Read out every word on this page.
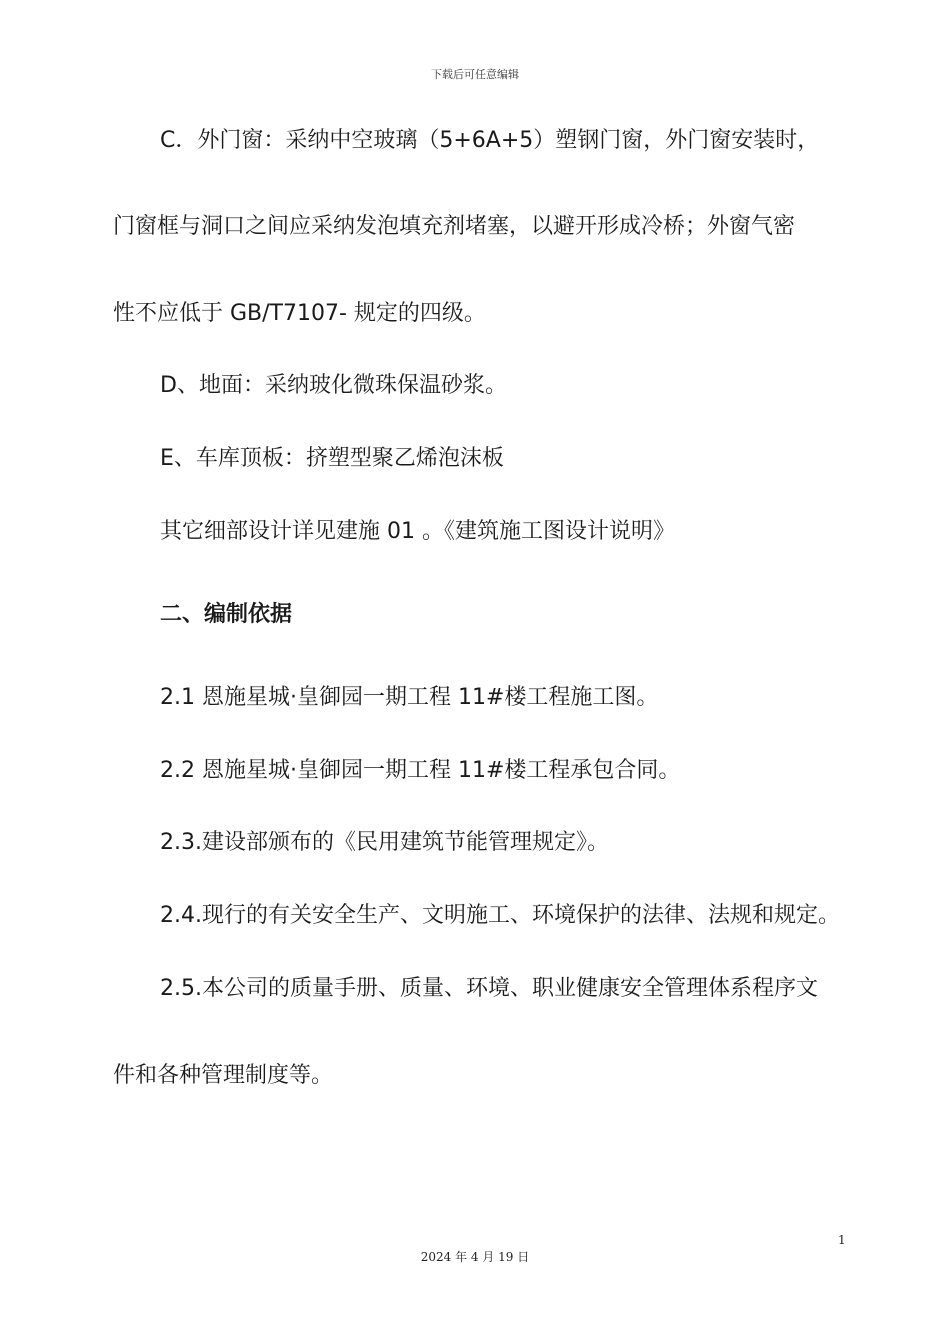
下载后可任意编辑
C．外门窗：采纳中空玻璃（5+6A+5）塑钢门窗，外门窗安装时，
门窗框与洞口之间应采纳发泡填充剂堵塞，以避开形成冷桥；外窗气密
性不应低于 GB/T7107- 规定的四级。
D、地面：采纳玻化微珠保温砂浆。
E、车库顶板：挤塑型聚乙烯泡沫板
其它细部设计详见建施 01 。《建筑施工图设计说明》
二、编制依据
2.1 恩施星城·皇御园一期工程 11#楼工程施工图。
2.2 恩施星城·皇御园一期工程 11#楼工程承包合同。
2.3.建设部颁布的《民用建筑节能管理规定》。
2.4.现行的有关安全生产、文明施工、环境保护的法律、法规和规定。
2.5.本公司的质量手册、质量、环境、职业健康安全管理体系程序文
件和各种管理制度等。
1
2024 年 4 月 19 日
